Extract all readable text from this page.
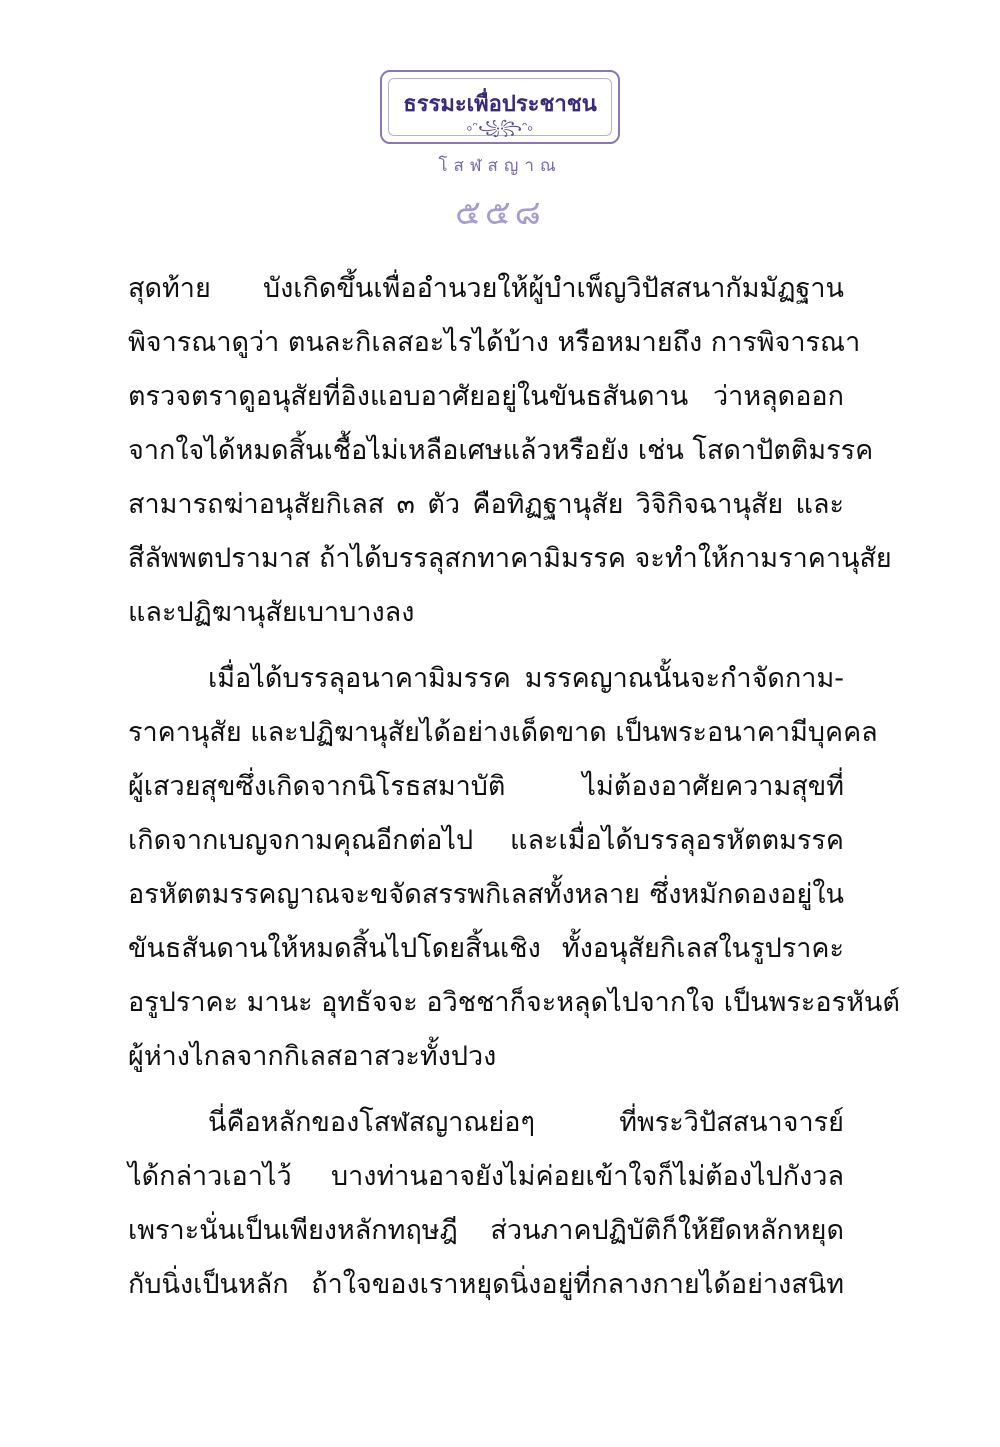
ธรรมะเพื่อประชาชน
৹ᵔ꧁꧂ᵔ৹
โสฬสญาณ
๕๕๘
สุดท้าย บังเกิดขึ้นเพื่ออำนวยให้ผู้บำเพ็ญวิปัสสนากัมมัฏฐาน
พิจารณาดูว่า ตนละกิเลสอะไรได้บ้าง หรือหมายถึง การพิจารณา
ตรวจตราดูอนุสัยที่อิงแอบอาศัยอยู่ในขันธสันดาน ว่าหลุดออก
จากใจได้หมดสิ้นเชื้อไม่เหลือเศษแล้วหรือยัง เช่น โสดาปัตติมรรค
สามารถฆ่าอนุสัยกิเลส ๓ ตัว คือทิฏฐานุสัย วิจิกิจฉานุสัย และ
สีลัพพตปรามาส ถ้าได้บรรลุสกทาคามิมรรค จะทำให้กามราคานุสัย
และปฏิฆานุสัยเบาบางลง
เมื่อได้บรรลุอนาคามิมรรค มรรคญาณนั้นจะกำจัดกาม-
ราคานุสัย และปฏิฆานุสัยได้อย่างเด็ดขาด เป็นพระอนาคามีบุคคล
ผู้เสวยสุขซึ่งเกิดจากนิโรธสมาบัติ ไม่ต้องอาศัยความสุขที่
เกิดจากเบญจกามคุณอีกต่อไป และเมื่อได้บรรลุอรหัตตมรรค
อรหัตตมรรคญาณจะขจัดสรรพกิเลสทั้งหลาย ซึ่งหมักดองอยู่ใน
ขันธสันดานให้หมดสิ้นไปโดยสิ้นเชิง ทั้งอนุสัยกิเลสในรูปราคะ
อรูปราคะ มานะ อุทธัจจะ อวิชชาก็จะหลุดไปจากใจ เป็นพระอรหันต์
ผู้ห่างไกลจากกิเลสอาสวะทั้งปวง
นี่คือหลักของโสฬสญาณย่อๆ ที่พระวิปัสสนาจารย์
ได้กล่าวเอาไว้ บางท่านอาจยังไม่ค่อยเข้าใจก็ไม่ต้องไปกังวล
เพราะนั่นเป็นเพียงหลักทฤษฎี ส่วนภาคปฏิบัติก็ให้ยึดหลักหยุด
กับนิ่งเป็นหลัก ถ้าใจของเราหยุดนิ่งอยู่ที่กลางกายได้อย่างสนิท
